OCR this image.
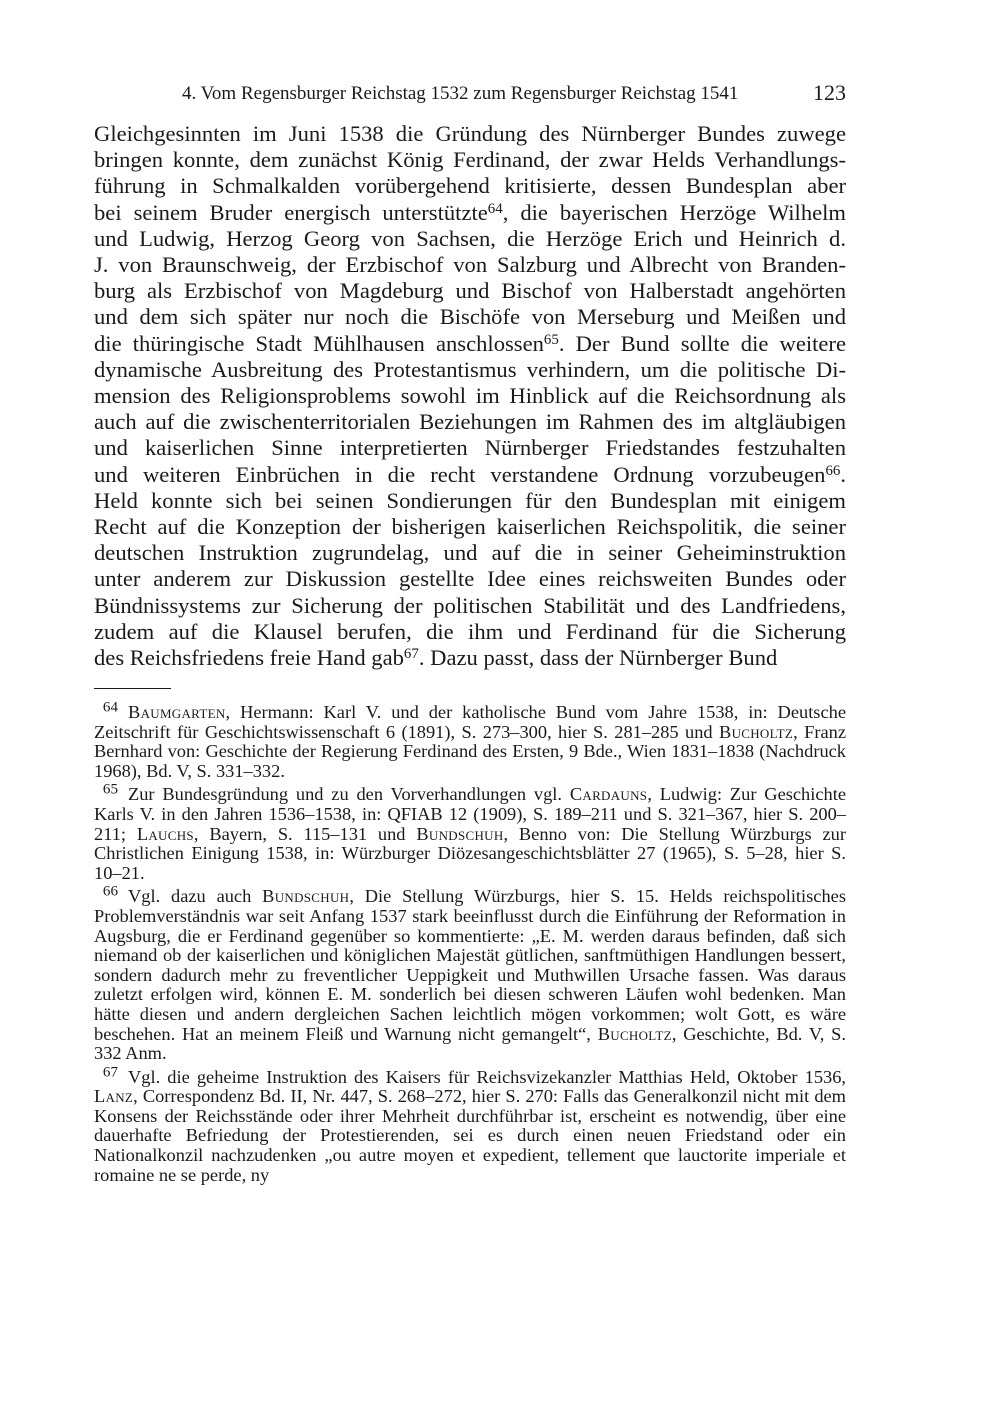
4. Vom Regensburger Reichstag 1532 zum Regensburger Reichstag 1541	123
Gleichgesinnten im Juni 1538 die Gründung des Nürnberger Bundes zuwege
bringen konnte, dem zunächst König Ferdinand, der zwar Helds Verhandlungs-
führung in Schmalkalden vorübergehend kritisierte, dessen Bundesplan aber
bei seinem Bruder energisch unterstützte$^{64}$, die bayerischen Herzöge Wilhelm
und Ludwig, Herzog Georg von Sachsen, die Herzöge Erich und Heinrich d.
J. von Braunschweig, der Erzbischof von Salzburg und Albrecht von Branden-
burg als Erzbischof von Magdeburg und Bischof von Halberstadt angehörten
und dem sich später nur noch die Bischöfe von Merseburg und Meißen und
die thüringische Stadt Mühlhausen anschlossen$^{65}$. Der Bund sollte die weitere
dynamische Ausbreitung des Protestantismus verhindern, um die politische Di-
mension des Religionsproblems sowohl im Hinblick auf die Reichsordnung als
auch auf die zwischenterritorialen Beziehungen im Rahmen des im altgläubigen
und kaiserlichen Sinne interpretierten Nürnberger Friedstandes festzuhalten
und weiteren Einbrüchen in die recht verstandene Ordnung vorzubeugen$^{66}$.
Held konnte sich bei seinen Sondierungen für den Bundesplan mit einigem
Recht auf die Konzeption der bisherigen kaiserlichen Reichspolitik, die seiner
deutschen Instruktion zugrundelag, und auf die in seiner Geheiminstruktion
unter anderem zur Diskussion gestellte Idee eines reichsweiten Bundes oder
Bündnissystems zur Sicherung der politischen Stabilität und des Landfriedens,
zudem auf die Klausel berufen, die ihm und Ferdinand für die Sicherung
des Reichsfriedens freie Hand gab$^{67}$. Dazu passt, dass der Nürnberger Bund
$^{64}$ Baumgarten, Hermann: Karl V. und der katholische Bund vom Jahre 1538, in: Deutsche Zeitschrift für Geschichtswissenschaft 6 (1891), S. 273–300, hier S. 281–285 und Bucholtz, Franz Bernhard von: Geschichte der Regierung Ferdinand des Ersten, 9 Bde., Wien 1831–1838 (Nachdruck 1968), Bd. V, S. 331–332.
$^{65}$ Zur Bundesgründung und zu den Vorverhandlungen vgl. Cardauns, Ludwig: Zur Geschichte Karls V. in den Jahren 1536–1538, in: QFIAB 12 (1909), S. 189–211 und S. 321–367, hier S. 200–211; Lauchs, Bayern, S. 115–131 und Bundschuh, Benno von: Die Stellung Würzburgs zur Christlichen Einigung 1538, in: Würzburger Diözesangeschichtsblätter 27 (1965), S. 5–28, hier S. 10–21.
$^{66}$ Vgl. dazu auch Bundschuh, Die Stellung Würzburgs, hier S. 15. Helds reichspolitisches Problemverständnis war seit Anfang 1537 stark beeinflusst durch die Einführung der Reformation in Augsburg, die er Ferdinand gegenüber so kommentierte: „E. M. werden daraus befinden, daß sich niemand ob der kaiserlichen und königlichen Majestät gütlichen, sanftmüthigen Handlungen bessert, sondern dadurch mehr zu freventlicher Ueppigkeit und Muthwillen Ursache fassen. Was daraus zuletzt erfolgen wird, können E. M. sonderlich bei diesen schweren Läufen wohl bedenken. Man hätte diesen und andern dergleichen Sachen leichtlich mögen vorkommen; wolt Gott, es wäre beschehen. Hat an meinem Fleiß und Warnung nicht gemangelt“, Bucholtz, Geschichte, Bd. V, S. 332 Anm.
$^{67}$ Vgl. die geheime Instruktion des Kaisers für Reichsvizekanzler Matthias Held, Oktober 1536, Lanz, Correspondenz Bd. II, Nr. 447, S. 268–272, hier S. 270: Falls das Generalkonzil nicht mit dem Konsens der Reichsstände oder ihrer Mehrheit durchführbar ist, erscheint es notwendig, über eine dauerhafte Befriedung der Protestierenden, sei es durch einen neuen Friedstand oder ein Nationalkonzil nachzudenken „ou autre moyen et expedient, tellement que lauctorite imperiale et romaine ne se perde, ny
